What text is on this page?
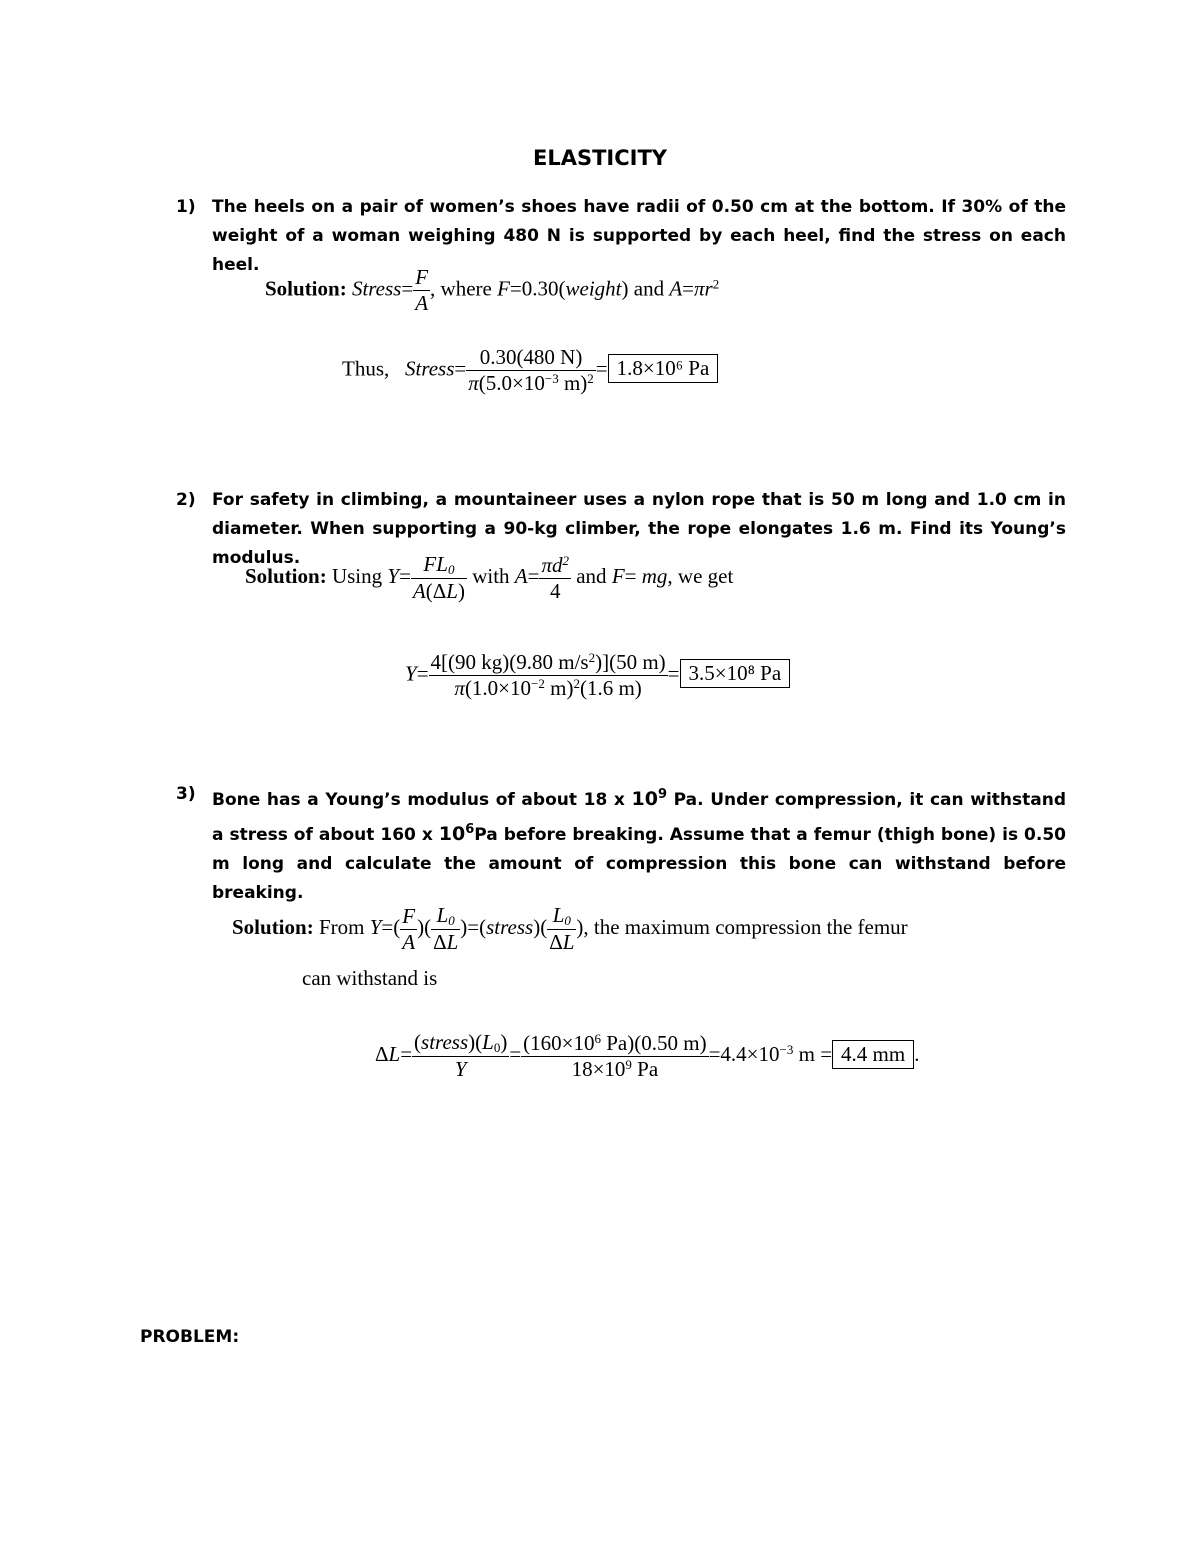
ELASTICITY
1) The heels on a pair of women’s shoes have radii of 0.50 cm at the bottom. If 30% of the weight of a woman weighing 480 N is supported by each heel, find the stress on each heel.
Solution: Stress= $\frac{F}{A}$ , where F=0.30(weight) and $A=\pi r^2$
Thus, Stress= $\frac{0.30(480 N)}{\pi(5.0\times 10^{-3} m)^2} = 1.8\times 10^6$ Pa
2) For safety in climbing, a mountaineer uses a nylon rope that is 50 m long and 1.0 cm in diameter. When supporting a 90-kg climber, the rope elongates 1.6 m. Find its Young’s modulus.
Solution: Using $Y= \frac{FL_0}{A(\Delta L)}$ with $A= \frac{\pi d^2}{4}$ and F= mg, we get
$Y= \frac{4[(90 kg)(9.80 m/s^2)](50 m)}{\pi(1.0\times 10^{-2} m)^2(1.6 m)} = 3.5\times 10^8$ Pa
3) Bone has a Young’s modulus of about 18 x $10^9$ Pa. Under compression, it can withstand a stress of about 160 x $10^6Pa$ before breaking. Assume that a femur (thigh bone) is 0.50 m long and calculate the amount of compression this bone can withstand before breaking.
Solution: From $Y=( \frac{F}{A}$ )( $\frac{L_0}{\Delta L}$ )=(stress)( $\frac{L_0}{\Delta L}$ ), the maximum compression the femur
can withstand is
$\Delta L= \frac{(stress)(L_0)}{Y} = \frac{(160\times 10^6 Pa)(0.50 m)}{18\times 10^9 Pa} =4.4\times 10^{-3}$ m = 4.4 mm .
PROBLEM:
